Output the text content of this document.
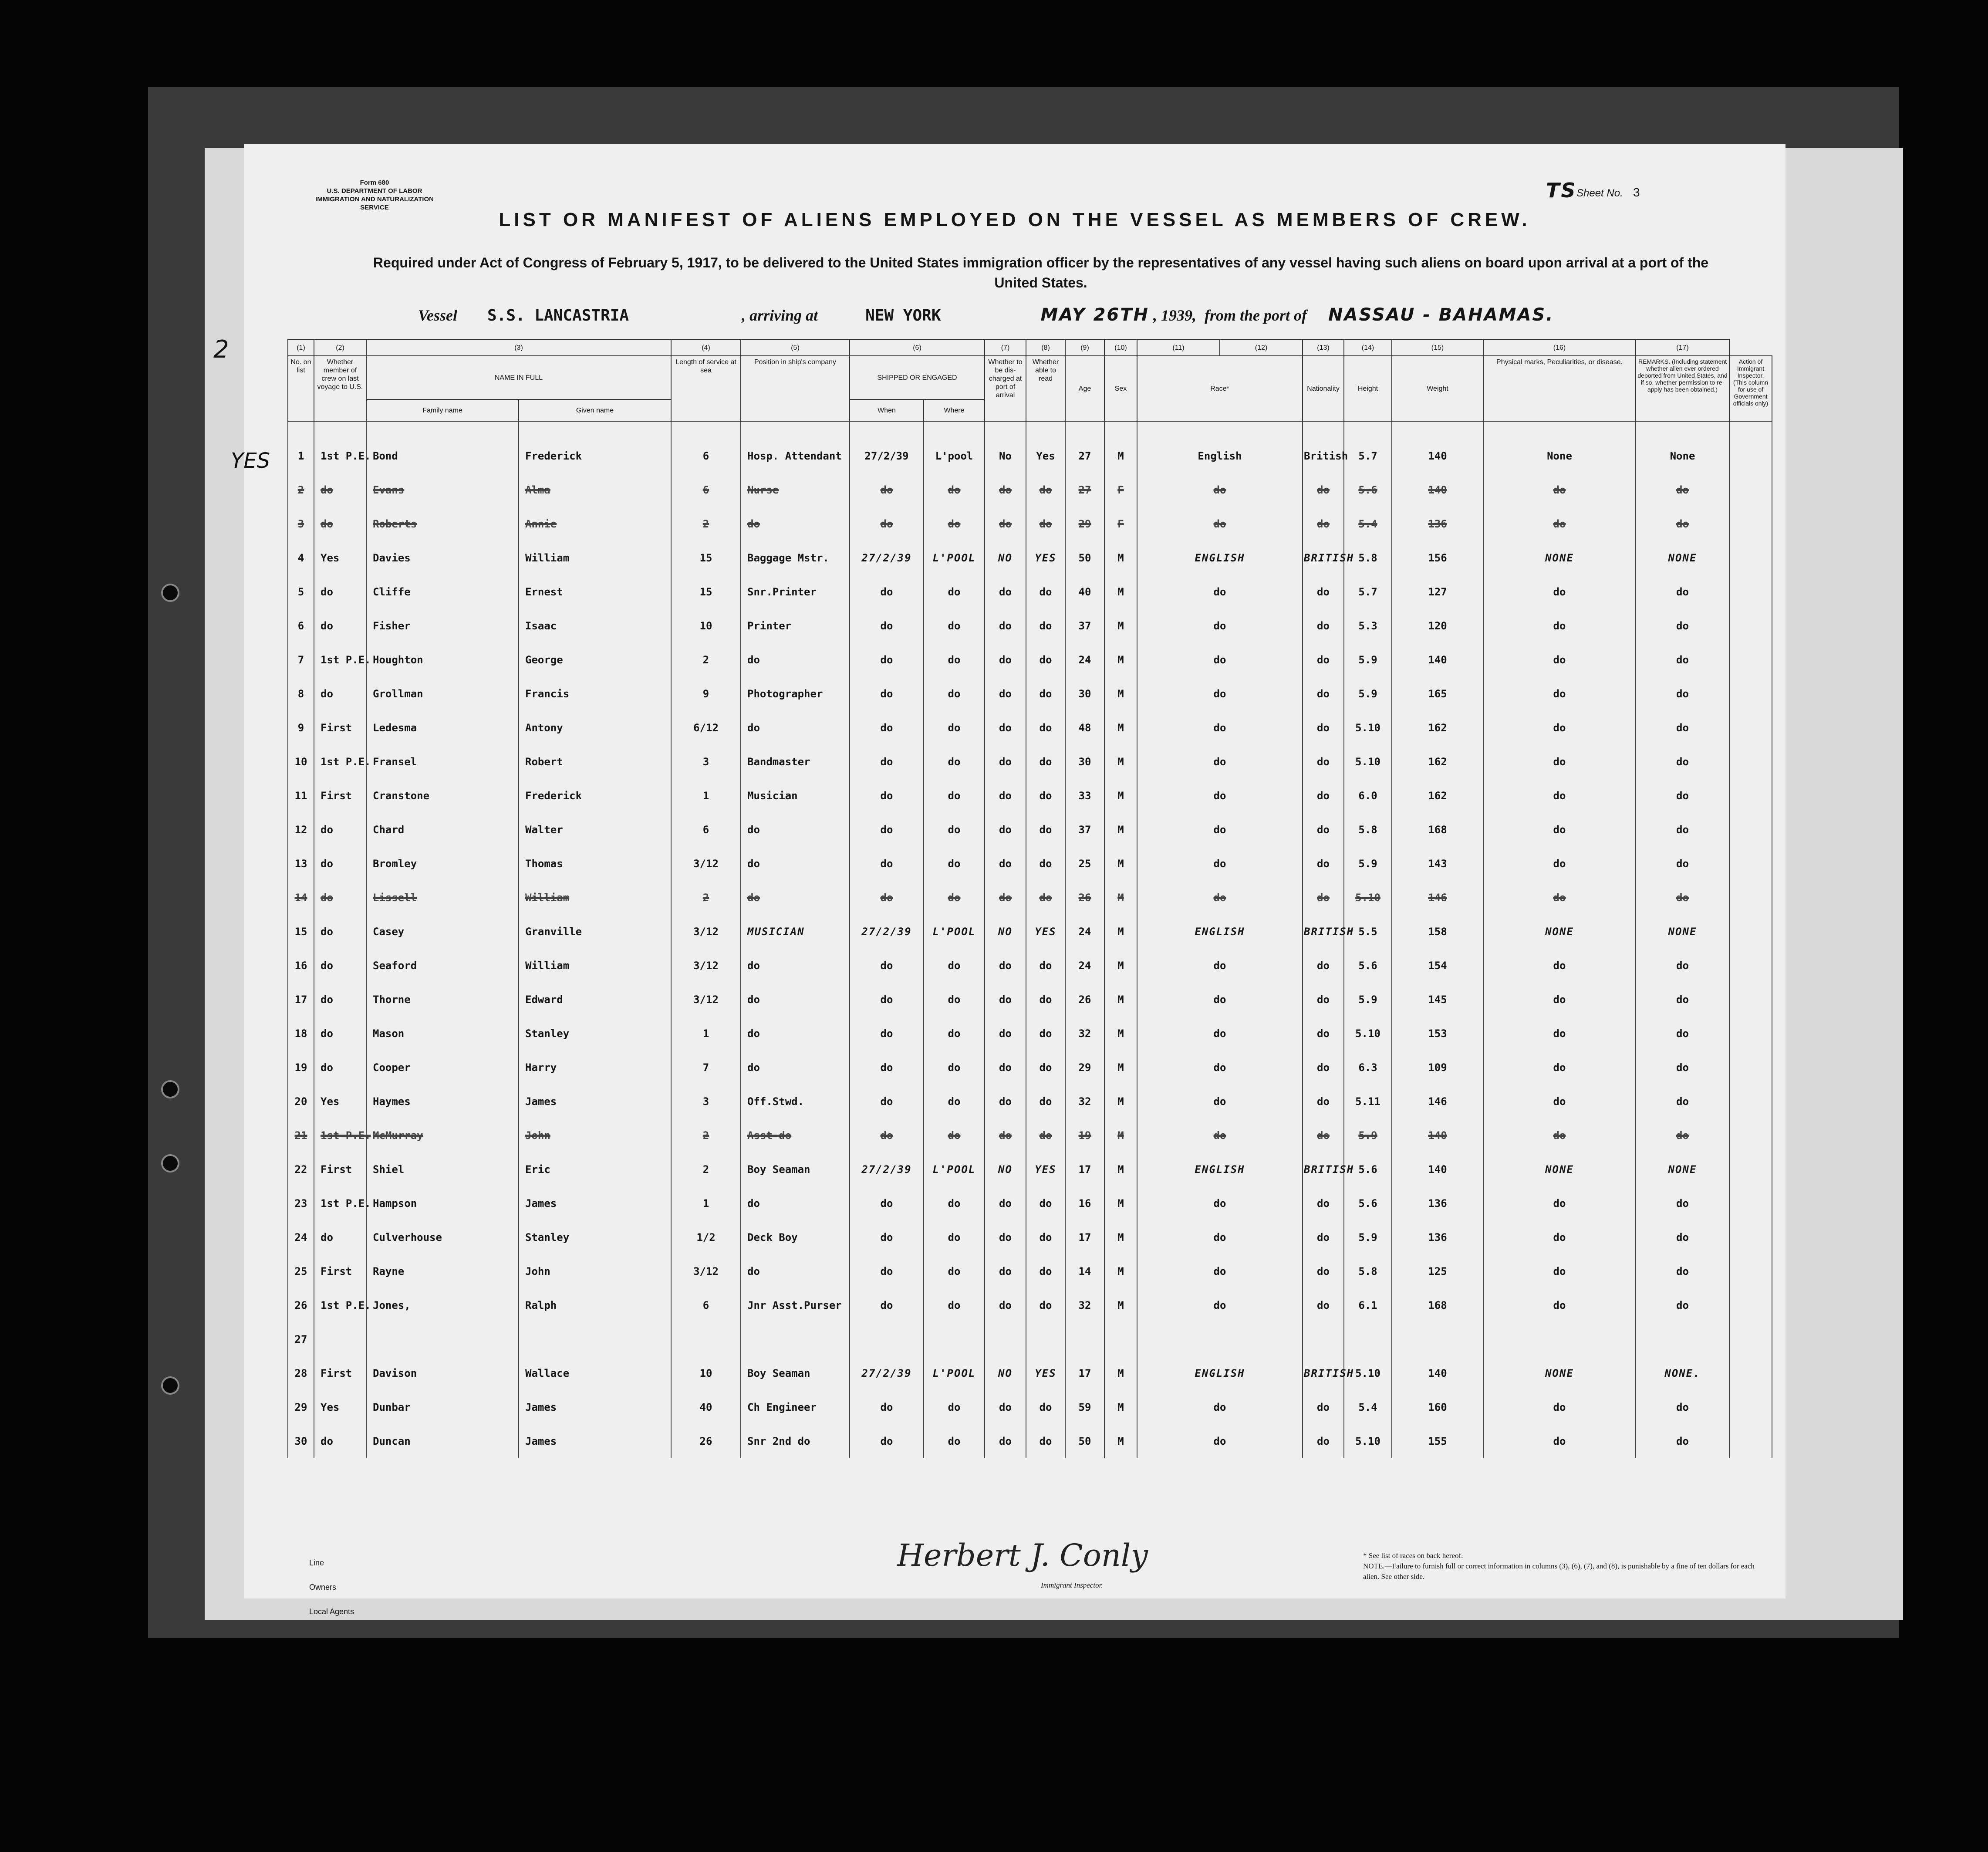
Form 680
U.S. DEPARTMENT OF LABOR
IMMIGRATION AND NATURALIZATION SERVICE
TS Sheet No. 3
LIST OR MANIFEST OF ALIENS EMPLOYED ON THE VESSEL AS MEMBERS OF CREW.
Required under Act of Congress of February 5, 1917, to be delivered to the United States immigration officer by the representatives of any vessel having such aliens on board upon arrival at a port of the United States.
Vessel S.S. LANCASTRIA	, arriving at	NEW YORK	MAY 26TH , 1939, from the port of NASSAU - BAHAMAS.
2
YES
(1)	(2)	(3)		(4)	(5)	(6)		(7)	(8)	(9)	(10)	(11)	(12)	(13)	(14)	(15)	(16)	(17)	
No. on list	Whether member of crew on last voyage to U.S.	NAME IN FULL		Length of service at sea	Position in ship's company	SHIPPED OR ENGAGED		Whether to be dis-charged at port of arrival	Whether able to read	Age	Sex	Race*		Nationality	Height	Weight	Physical marks, Peculiarities, or disease.	REMARKS. (Including statement whether alien ever ordered deported from United States, and if so, whether permission to re-apply has been obtained.)	Action of Immigrant Inspector. (This column for use of Government officials only)
		Family name	Given name			When	Where												
1	1st P.E.	Bond	Frederick	6	Hosp. Attendant	27/2/39	L'pool	No	Yes	27	M	English		British	5.7	140	None	None	
2	do	Evans	Alma	6	Nurse	do	do	do	do	27	F	do		do	5.6	140	do	do	
3	do	Roberts	Annie	2	do	do	do	do	do	29	F	do		do	5.4	136	do	do	
4	Yes	Davies	William	15	Baggage Mstr.	27/2/39	L'POOL	NO	YES	50	M	ENGLISH		BRITISH	5.8	156	NONE	NONE	
5	do	Cliffe	Ernest	15	Snr.Printer	do	do	do	do	40	M	do		do	5.7	127	do	do	
6	do	Fisher	Isaac	10	Printer	do	do	do	do	37	M	do		do	5.3	120	do	do	
7	1st P.E.	Houghton	George	2	do	do	do	do	do	24	M	do		do	5.9	140	do	do	
8	do	Grollman	Francis	9	Photographer	do	do	do	do	30	M	do		do	5.9	165	do	do	
9	First	Ledesma	Antony	6/12	do	do	do	do	do	48	M	do		do	5.10	162	do	do	
10	1st P.E.	Fransel	Robert	3	Bandmaster	do	do	do	do	30	M	do		do	5.10	162	do	do	
11	First	Cranstone	Frederick	1	Musician	do	do	do	do	33	M	do		do	6.0	162	do	do	
12	do	Chard	Walter	6	do	do	do	do	do	37	M	do		do	5.8	168	do	do	
13	do	Bromley	Thomas	3/12	do	do	do	do	do	25	M	do		do	5.9	143	do	do	
14	do	Lissell	William	2	do	do	do	do	do	26	M	do		do	5.10	146	do	do	
15	do	Casey	Granville	3/12	MUSICIAN	27/2/39	L'POOL	NO	YES	24	M	ENGLISH		BRITISH	5.5	158	NONE	NONE	
16	do	Seaford	William	3/12	do	do	do	do	do	24	M	do		do	5.6	154	do	do	
17	do	Thorne	Edward	3/12	do	do	do	do	do	26	M	do		do	5.9	145	do	do	
18	do	Mason	Stanley	1	do	do	do	do	do	32	M	do		do	5.10	153	do	do	
19	do	Cooper	Harry	7	do	do	do	do	do	29	M	do		do	6.3	109	do	do	
20	Yes	Haymes	James	3	Off.Stwd.	do	do	do	do	32	M	do		do	5.11	146	do	do	
21	1st P.E.	McMurray	John	2	Asst do	do	do	do	do	19	M	do		do	5.9	140	do	do	
22	First	Shiel	Eric	2	Boy Seaman	27/2/39	L'POOL	NO	YES	17	M	ENGLISH		BRITISH	5.6	140	NONE	NONE	
23	1st P.E.	Hampson	James	1	do	do	do	do	do	16	M	do		do	5.6	136	do	do	
24	do	Culverhouse	Stanley	1/2	Deck Boy	do	do	do	do	17	M	do		do	5.9	136	do	do	
25	First	Rayne	John	3/12	do	do	do	do	do	14	M	do		do	5.8	125	do	do	
26	1st P.E.	Jones,	Ralph	6	Jnr Asst.Purser	do	do	do	do	32	M	do		do	6.1	168	do	do	
27																			
28	First	Davison	Wallace	10	Boy Seaman	27/2/39	L'POOL	NO	YES	17	M	ENGLISH		BRITISH	5.10	140	NONE	NONE.	
29	Yes	Dunbar	James	40	Ch Engineer	do	do	do	do	59	M	do		do	5.4	160	do	do	
30	do	Duncan	James	26	Snr 2nd do	do	do	do	do	50	M	do		do	5.10	155	do	do	
Line
Owners
Local Agents
Herbert J. Conly
Immigrant Inspector.
* See list of races on back hereof.
NOTE.—Failure to furnish full or correct information in columns (3), (6), (7), and (8), is punishable by a fine of ten dollars for each alien. See other side.
